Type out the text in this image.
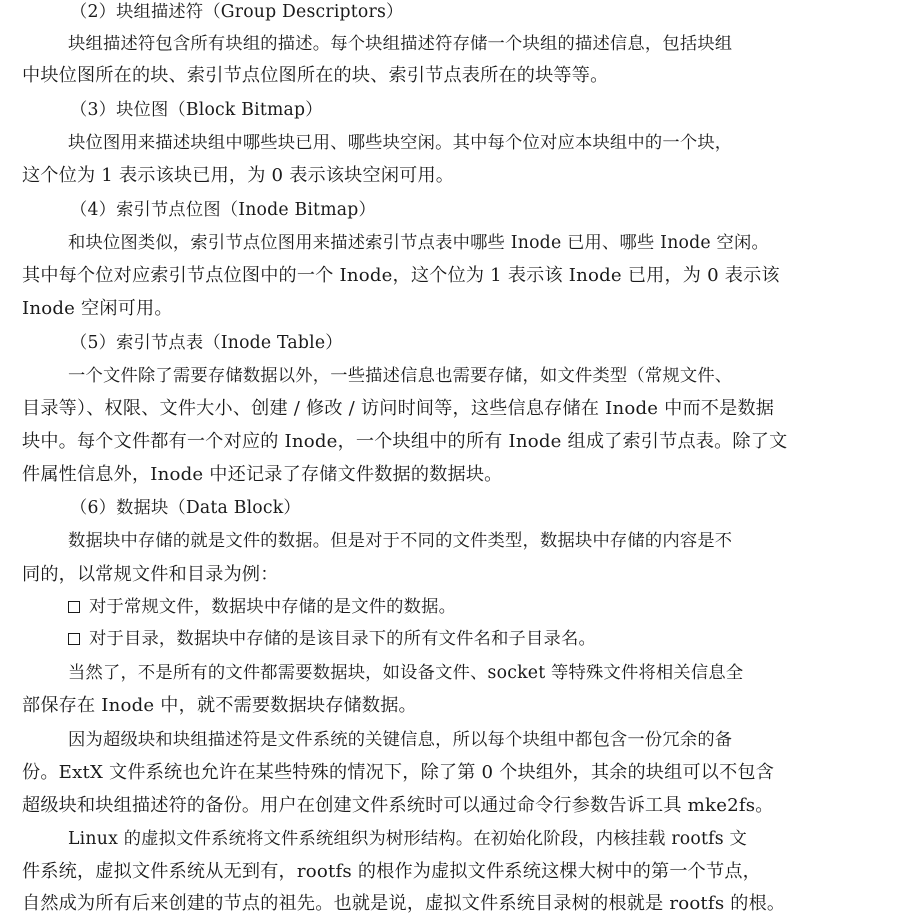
（2）块组描述符（Group Descriptors）
块组描述符包含所有块组的描述。每个块组描述符存储一个块组的描述信息，包括块组
中块位图所在的块、索引节点位图所在的块、索引节点表所在的块等等。
（3）块位图（Block Bitmap）
块位图用来描述块组中哪些块已用、哪些块空闲。其中每个位对应本块组中的一个块，
这个位为 1 表示该块已用，为 0 表示该块空闲可用。
（4）索引节点位图（Inode Bitmap）
和块位图类似，索引节点位图用来描述索引节点表中哪些 Inode 已用、哪些 Inode 空闲。
其中每个位对应索引节点位图中的一个 Inode，这个位为 1 表示该 Inode 已用，为 0 表示该
Inode 空闲可用。
（5）索引节点表（Inode Table）
一个文件除了需要存储数据以外，一些描述信息也需要存储，如文件类型（常规文件、
目录等）、权限、文件大小、创建 / 修改 / 访问时间等，这些信息存储在 Inode 中而不是数据
块中。每个文件都有一个对应的 Inode，一个块组中的所有 Inode 组成了索引节点表。除了文
件属性信息外，Inode 中还记录了存储文件数据的数据块。
（6）数据块（Data Block）
数据块中存储的就是文件的数据。但是对于不同的文件类型，数据块中存储的内容是不
同的，以常规文件和目录为例：
对于常规文件，数据块中存储的是文件的数据。
对于目录，数据块中存储的是该目录下的所有文件名和子目录名。
当然了，不是所有的文件都需要数据块，如设备文件、socket 等特殊文件将相关信息全
部保存在 Inode 中，就不需要数据块存储数据。
因为超级块和块组描述符是文件系统的关键信息，所以每个块组中都包含一份冗余的备
份。ExtX 文件系统也允许在某些特殊的情况下，除了第 0 个块组外，其余的块组可以不包含
超级块和块组描述符的备份。用户在创建文件系统时可以通过命令行参数告诉工具 mke2fs。
Linux 的虚拟文件系统将文件系统组织为树形结构。在初始化阶段，内核挂载 rootfs 文
件系统，虚拟文件系统从无到有，rootfs 的根作为虚拟文件系统这棵大树中的第一个节点，
自然成为所有后来创建的节点的祖先。也就是说，虚拟文件系统目录树的根就是 rootfs 的根。
